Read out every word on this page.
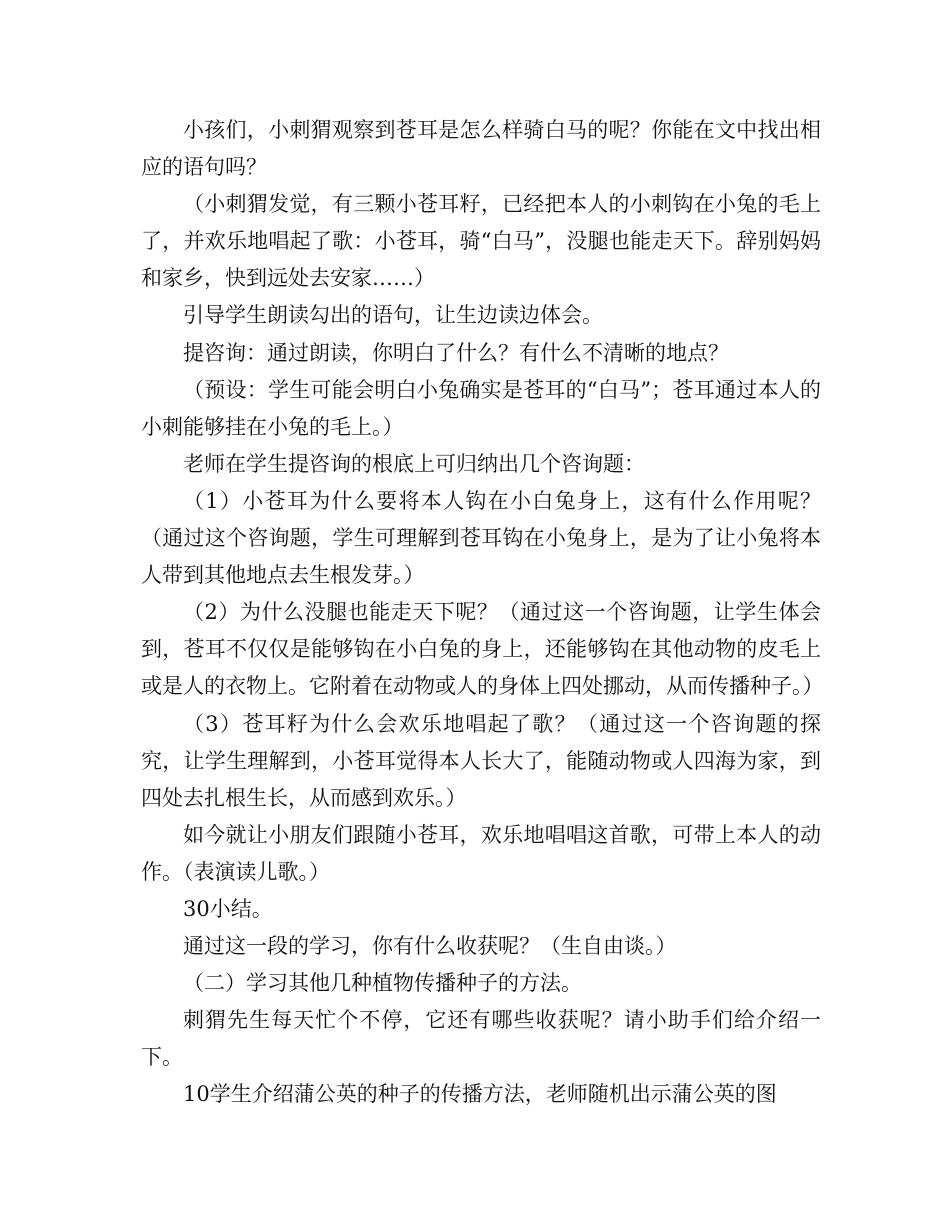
小孩们，小刺猬观察到苍耳是怎么样骑白马的呢？你能在文中找出相应的语句吗？

（小刺猬发觉，有三颗小苍耳籽，已经把本人的小刺钩在小兔的毛上了，并欢乐地唱起了歌：小苍耳，骑“白马”，没腿也能走天下。辞别妈妈和家乡，快到远处去安家……）

引导学生朗读勾出的语句，让生边读边体会。

提咨询：通过朗读，你明白了什么？有什么不清晰的地点？

（预设：学生可能会明白小兔确实是苍耳的“白马”；苍耳通过本人的小刺能够挂在小兔的毛上。）

老师在学生提咨询的根底上可归纳出几个咨询题：

（1）小苍耳为什么要将本人钩在小白兔身上，这有什么作用呢？（通过这个咨询题，学生可理解到苍耳钩在小兔身上，是为了让小兔将本人带到其他地点去生根发芽。）

（2）为什么没腿也能走天下呢？（通过这一个咨询题，让学生体会到，苍耳不仅仅是能够钩在小白兔的身上，还能够钩在其他动物的皮毛上或是人的衣物上。它附着在动物或人的身体上四处挪动，从而传播种子。）

（3）苍耳籽为什么会欢乐地唱起了歌？（通过这一个咨询题的探究，让学生理解到，小苍耳觉得本人长大了，能随动物或人四海为家，到四处去扎根生长，从而感到欢乐。）

如今就让小朋友们跟随小苍耳，欢乐地唱唱这首歌，可带上本人的动作。（表演读儿歌。）

30小结。

通过这一段的学习，你有什么收获呢？（生自由谈。）

（二）学习其他几种植物传播种子的方法。

刺猬先生每天忙个不停，它还有哪些收获呢？请小助手们给介绍一下。

10学生介绍蒲公英的种子的传播方法，老师随机出示蒲公英的图
